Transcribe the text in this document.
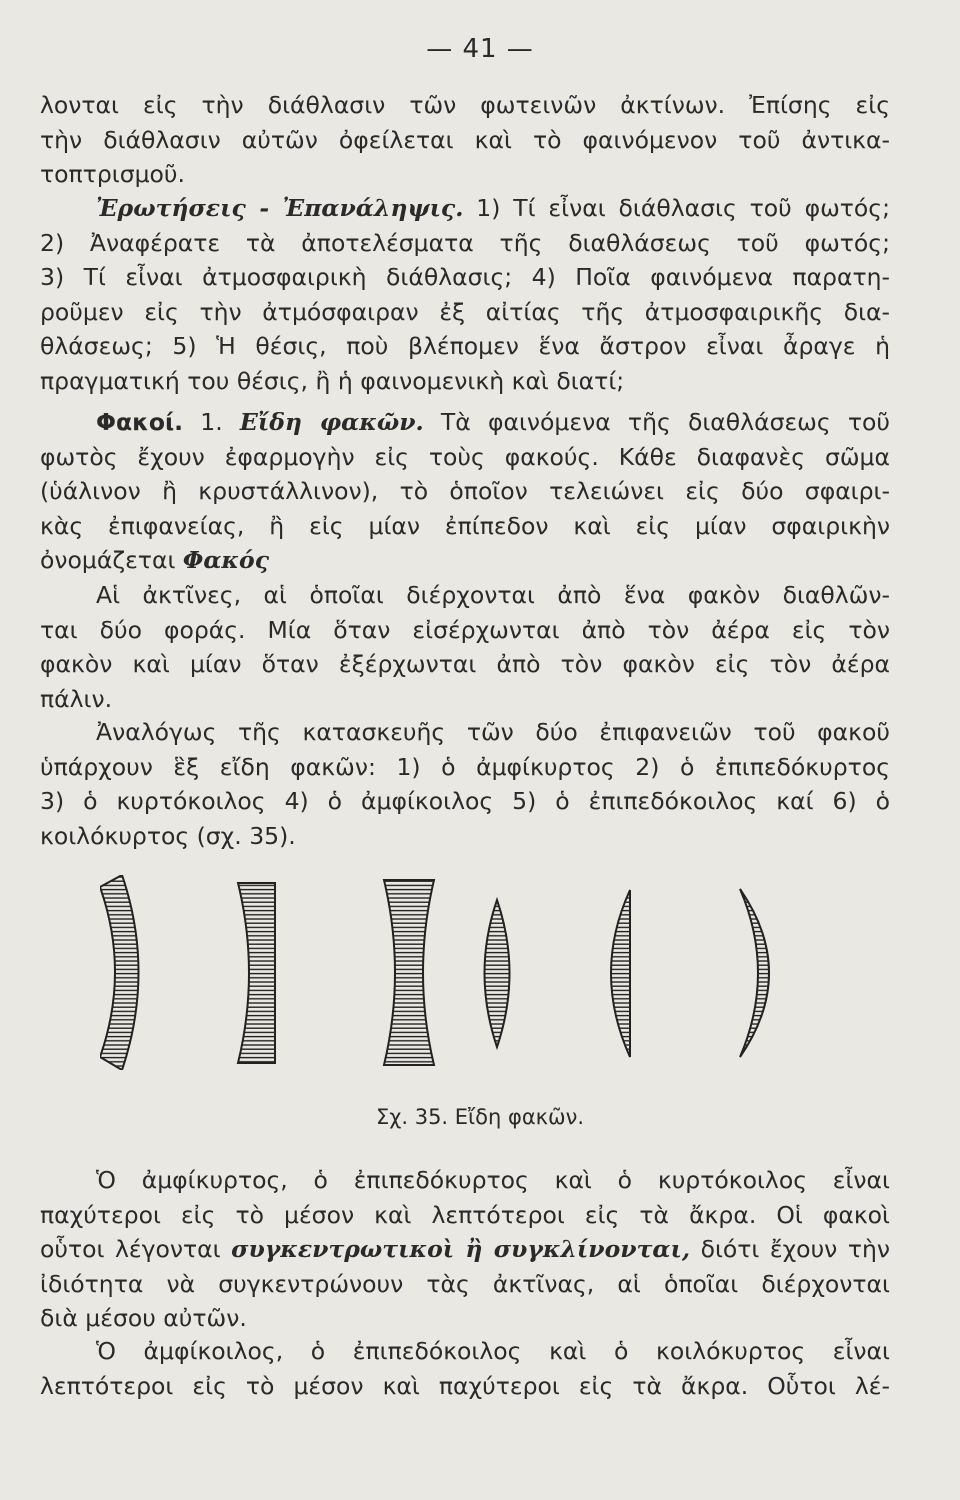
— 41 —
λονται εἰς τὴν διάθλασιν τῶν φωτεινῶν ἀκτίνων. Ἐπίσης εἰς
τὴν διάθλασιν αὐτῶν ὀφείλεται καὶ τὸ φαινόμενον τοῦ ἀντικα-
τοπτρισμοῦ.
Ἐρωτήσεις - Ἐπανάληψις. 1) Τί εἶναι διάθλασις τοῦ φωτός;
2) Ἀναφέρατε τὰ ἀποτελέσματα τῆς διαθλάσεως τοῦ φωτός;
3) Τί εἶναι ἀτμοσφαιρικὴ διάθλασις; 4) Ποῖα φαινόμενα παρατη-
ροῦμεν εἰς τὴν ἀτμόσφαιραν ἐξ αἰτίας τῆς ἀτμοσφαιρικῆς δια-
θλάσεως; 5) Ἡ θέσις, ποὺ βλέπομεν ἕνα ἄστρον εἶναι ἆραγε ἡ
πραγματική του θέσις, ἢ ἡ φαινομενικὴ καὶ διατί;
Φακοί. 1. Εἴδη φακῶν. Τὰ φαινόμενα τῆς διαθλάσεως τοῦ
φωτὸς ἔχουν ἐφαρμογὴν εἰς τοὺς φακούς. Κάθε διαφανὲς σῶμα
(ὑάλινον ἢ κρυστάλλινον), τὸ ὁποῖον τελειώνει εἰς δύο σφαιρι-
κὰς ἐπιφανείας, ἢ εἰς μίαν ἐπίπεδον καὶ εἰς μίαν σφαιρικὴν
ὀνομάζεται Φακός
Αἱ ἀκτῖνες, αἱ ὁποῖαι διέρχονται ἀπὸ ἕνα φακὸν διαθλῶν-
ται δύο φοράς. Μία ὅταν εἰσέρχωνται ἀπὸ τὸν ἀέρα εἰς τὸν
φακὸν καὶ μίαν ὅταν ἐξέρχωνται ἀπὸ τὸν φακὸν εἰς τὸν ἀέρα
πάλιν.
Ἀναλόγως τῆς κατασκευῆς τῶν δύο ἐπιφανειῶν τοῦ φακοῦ
ὑπάρχουν ἓξ εἴδη φακῶν: 1) ὁ ἀμφίκυρτος 2) ὁ ἐπιπεδόκυρτος
3) ὁ κυρτόκοιλος 4) ὁ ἀμφίκοιλος 5) ὁ ἐπιπεδόκοιλος καί 6) ὁ
κοιλόκυρτος (σχ. 35).
Σχ. 35. Εἴδη φακῶν.
Ὁ ἀμφίκυρτος, ὁ ἐπιπεδόκυρτος καὶ ὁ κυρτόκοιλος εἶναι
παχύτεροι εἰς τὸ μέσον καὶ λεπτότεροι εἰς τὰ ἄκρα. Οἱ φακοὶ
οὗτοι λέγονται συγκεντρωτικοὶ ἢ συγκλίνονται, διότι ἔχουν τὴν
ἰδιότητα νὰ συγκεντρώνουν τὰς ἀκτῖνας, αἱ ὁποῖαι διέρχονται
διὰ μέσου αὐτῶν.
Ὁ ἀμφίκοιλος, ὁ ἐπιπεδόκοιλος καὶ ὁ κοιλόκυρτος εἶναι
λεπτότεροι εἰς τὸ μέσον καὶ παχύτεροι εἰς τὰ ἄκρα. Οὗτοι λέ-
